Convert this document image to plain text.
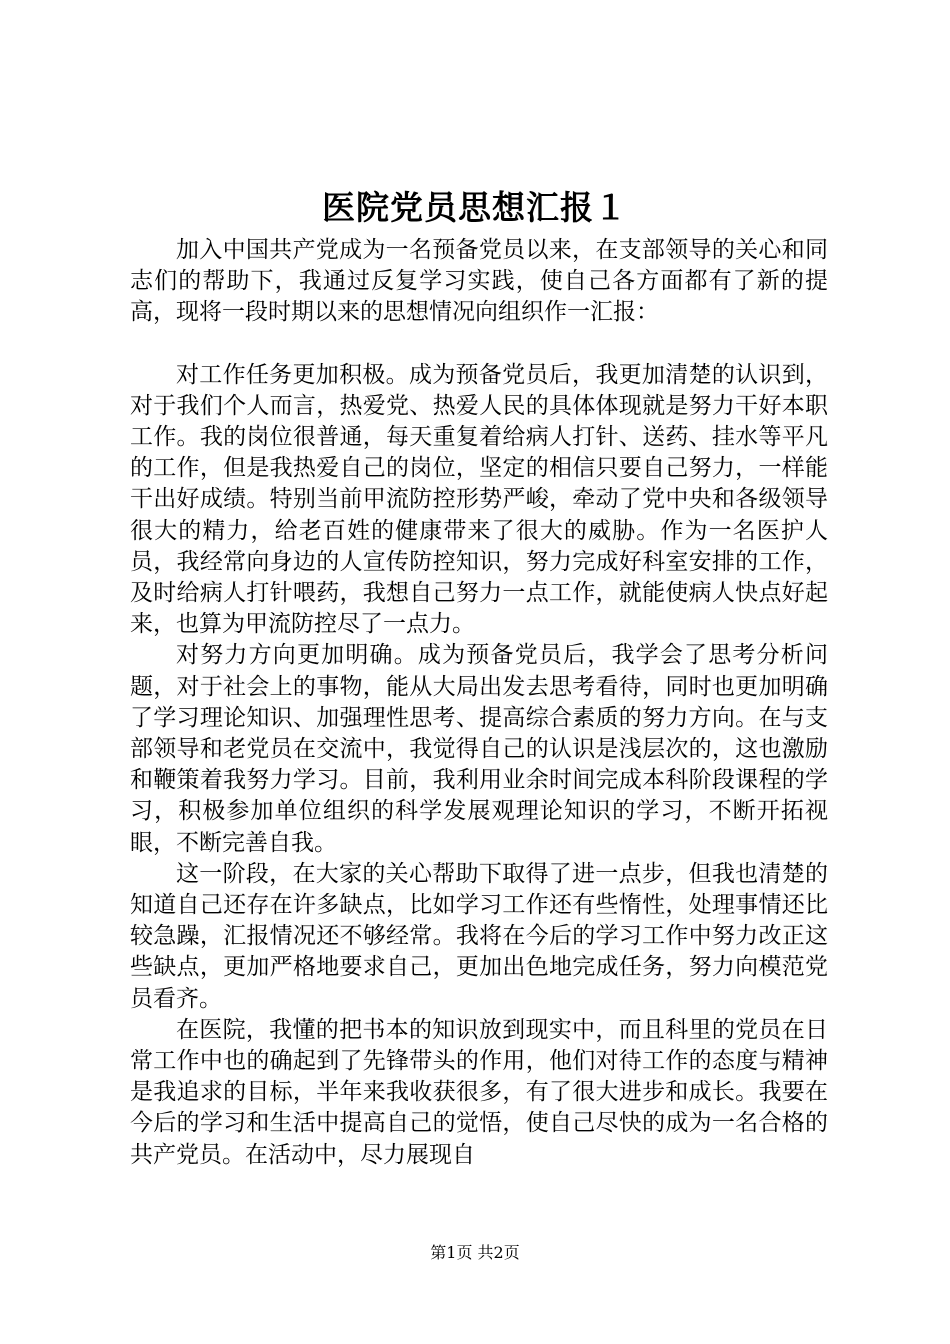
医院党员思想汇报１

加入中国共产党成为一名预备党员以来，在支部领导的关心和同志们的帮助下，我通过反复学习实践，使自己各方面都有了新的提高，现将一段时期以来的思想情况向组织作一汇报：

对工作任务更加积极。成为预备党员后，我更加清楚的认识到，对于我们个人而言，热爱党、热爱人民的具体体现就是努力干好本职工作。我的岗位很普通，每天重复着给病人打针、送药、挂水等平凡的工作，但是我热爱自己的岗位，坚定的相信只要自己努力，一样能干出好成绩。特别当前甲流防控形势严峻，牵动了党中央和各级领导很大的精力，给老百姓的健康带来了很大的威胁。作为一名医护人员，我经常向身边的人宣传防控知识，努力完成好科室安排的工作，及时给病人打针喂药，我想自己努力一点工作，就能使病人快点好起来，也算为甲流防控尽了一点力。

对努力方向更加明确。成为预备党员后，我学会了思考分析问题，对于社会上的事物，能从大局出发去思考看待，同时也更加明确了学习理论知识、加强理性思考、提高综合素质的努力方向。在与支部领导和老党员在交流中，我觉得自己的认识是浅层次的，这也激励和鞭策着我努力学习。目前，我利用业余时间完成本科阶段课程的学习，积极参加单位组织的科学发展观理论知识的学习，不断开拓视眼，不断完善自我。

这一阶段，在大家的关心帮助下取得了进一点步，但我也清楚的知道自己还存在许多缺点，比如学习工作还有些惰性，处理事情还比较急躁，汇报情况还不够经常。我将在今后的学习工作中努力改正这些缺点，更加严格地要求自己，更加出色地完成任务，努力向模范党员看齐。

在医院，我懂的把书本的知识放到现实中，而且科里的党员在日常工作中也的确起到了先锋带头的作用，他们对待工作的态度与精神是我追求的目标，半年来我收获很多，有了很大进步和成长。我要在今后的学习和生活中提高自己的觉悟，使自己尽快的成为一名合格的共产党员。在活动中，尽力展现自

第1页 共2页
